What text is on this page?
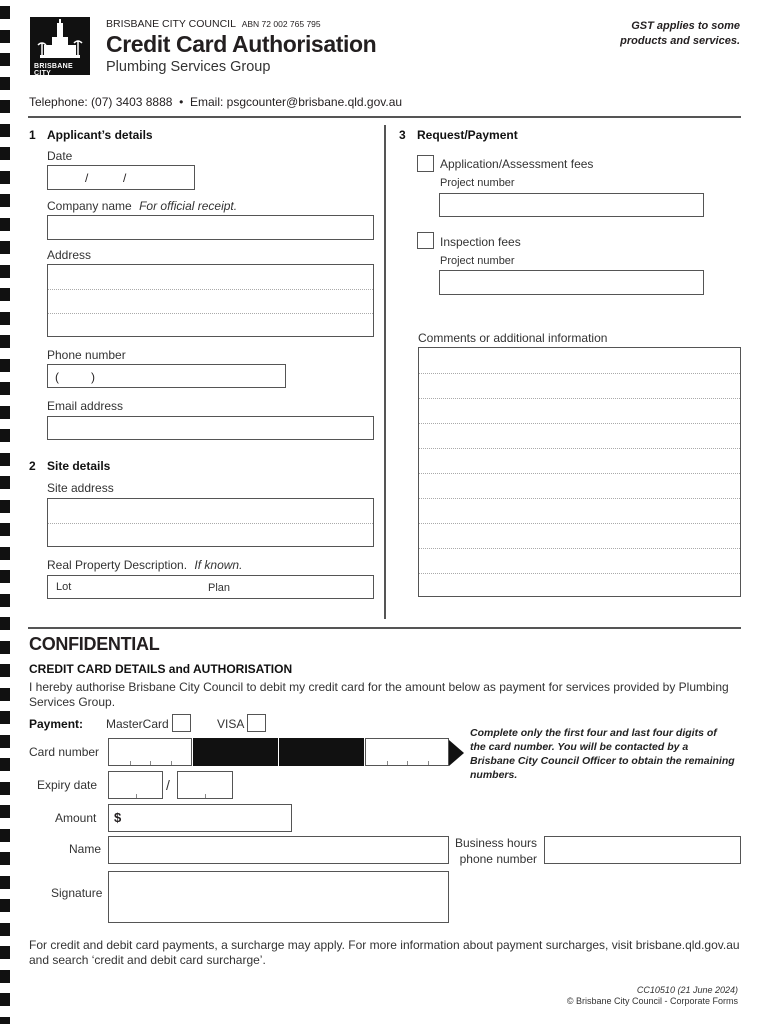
BRISBANE CITY
BRISBANE CITY COUNCIL ABN 72 002 765 795
Credit Card Authorisation
Plumbing Services Group
GST applies to some
products and services.
Telephone: (07) 3403 8888  •  Email: psgcounter@brisbane.qld.gov.au
1 Applicant’s details
Date
/	/
Company name For official receipt.
Address
Phone number
(	)
Email address
2 Site details
Site address
Real Property Description. If known.
Lot	Plan
3 Request/Payment
Application/Assessment fees
Project number
Inspection fees
Project number
Comments or additional information
CONFIDENTIAL
CREDIT CARD DETAILS and AUTHORISATION
I hereby authorise Brisbane City Council to debit my credit card for the amount below as payment for services provided by Plumbing Services Group.
Payment: MasterCard	VISA
Card number
Expiry date	/
Amount $
Name
Signature
Complete only the first four and last four digits of the card number. You will be contacted by a Brisbane City Council Officer to obtain the remaining numbers.
Business hours
phone number
For credit and debit card payments, a surcharge may apply. For more information about payment surcharges, visit brisbane.qld.gov.au and search ‘credit and debit card surcharge’.
CC10510 (21 June 2024)
© Brisbane City Council - Corporate Forms
